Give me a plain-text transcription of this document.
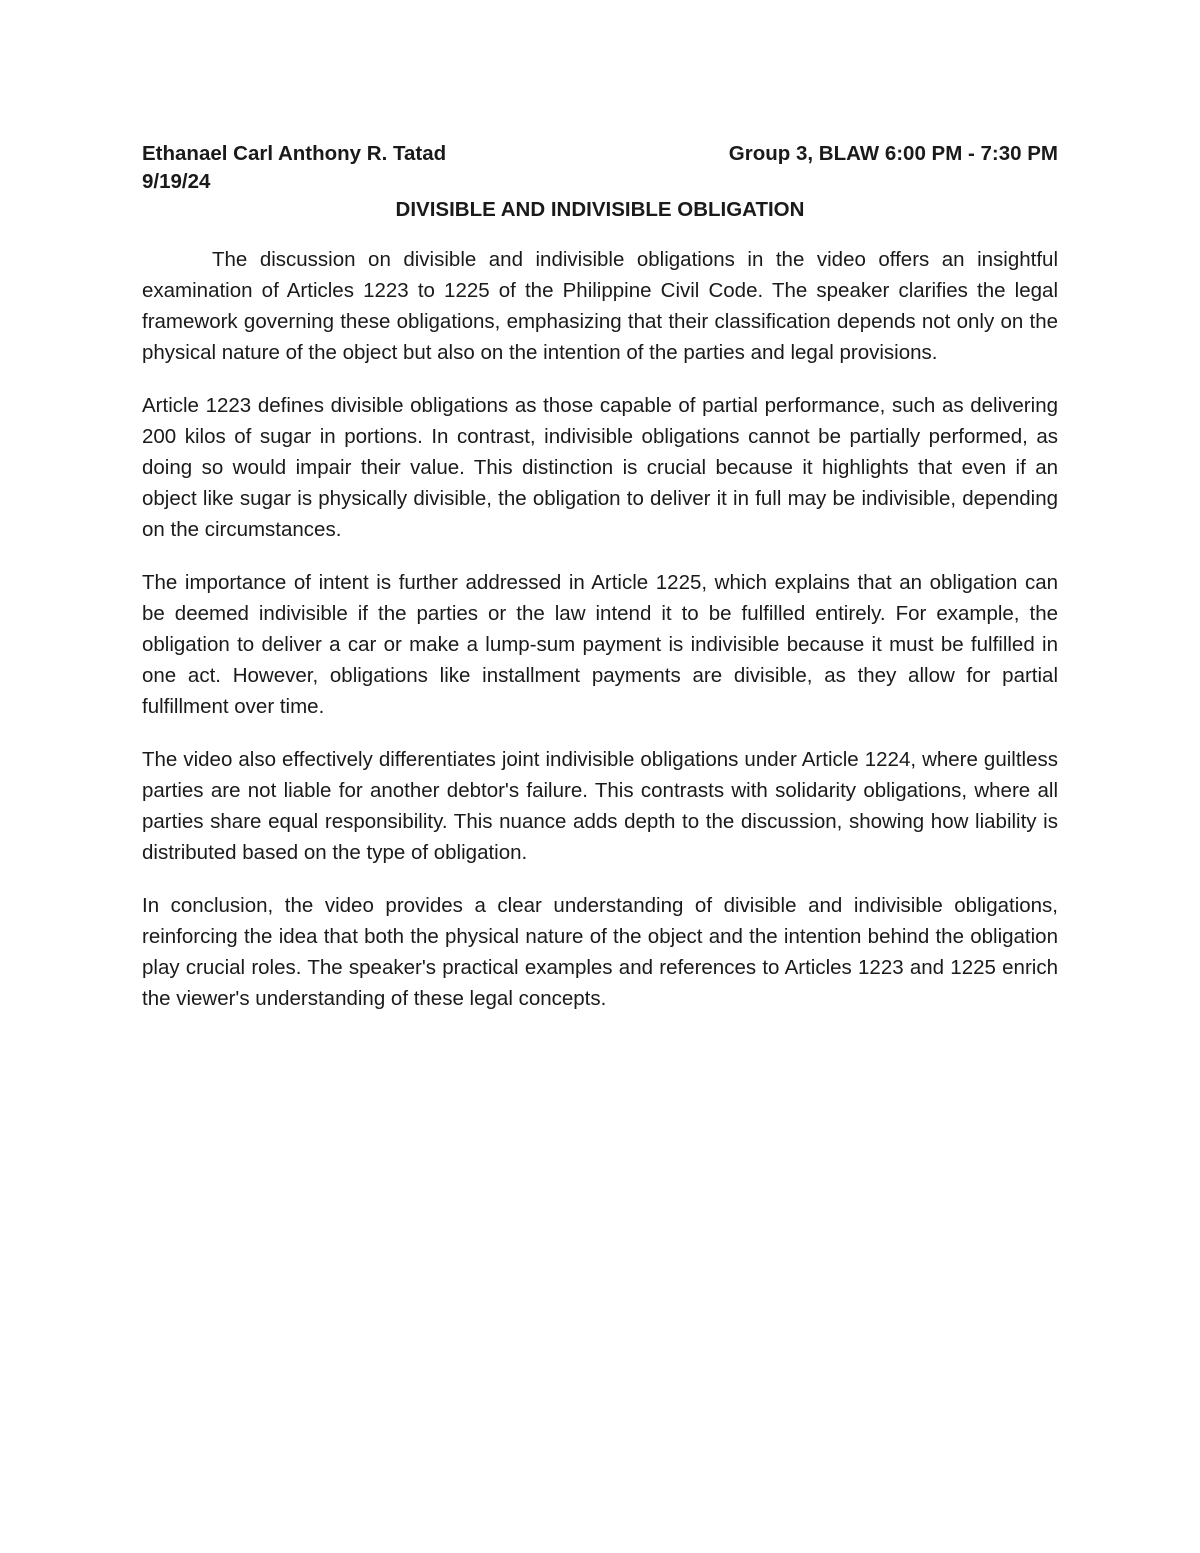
Ethanael Carl Anthony R. Tatad	Group 3, BLAW 6:00 PM - 7:30 PM
9/19/24
DIVISIBLE AND INDIVISIBLE OBLIGATION

The discussion on divisible and indivisible obligations in the video offers an insightful examination of Articles 1223 to 1225 of the Philippine Civil Code. The speaker clarifies the legal framework governing these obligations, emphasizing that their classification depends not only on the physical nature of the object but also on the intention of the parties and legal provisions.

Article 1223 defines divisible obligations as those capable of partial performance, such as delivering 200 kilos of sugar in portions. In contrast, indivisible obligations cannot be partially performed, as doing so would impair their value. This distinction is crucial because it highlights that even if an object like sugar is physically divisible, the obligation to deliver it in full may be indivisible, depending on the circumstances.

The importance of intent is further addressed in Article 1225, which explains that an obligation can be deemed indivisible if the parties or the law intend it to be fulfilled entirely. For example, the obligation to deliver a car or make a lump-sum payment is indivisible because it must be fulfilled in one act. However, obligations like installment payments are divisible, as they allow for partial fulfillment over time.

The video also effectively differentiates joint indivisible obligations under Article 1224, where guiltless parties are not liable for another debtor's failure. This contrasts with solidarity obligations, where all parties share equal responsibility. This nuance adds depth to the discussion, showing how liability is distributed based on the type of obligation.

In conclusion, the video provides a clear understanding of divisible and indivisible obligations, reinforcing the idea that both the physical nature of the object and the intention behind the obligation play crucial roles. The speaker's practical examples and references to Articles 1223 and 1225 enrich the viewer's understanding of these legal concepts.
